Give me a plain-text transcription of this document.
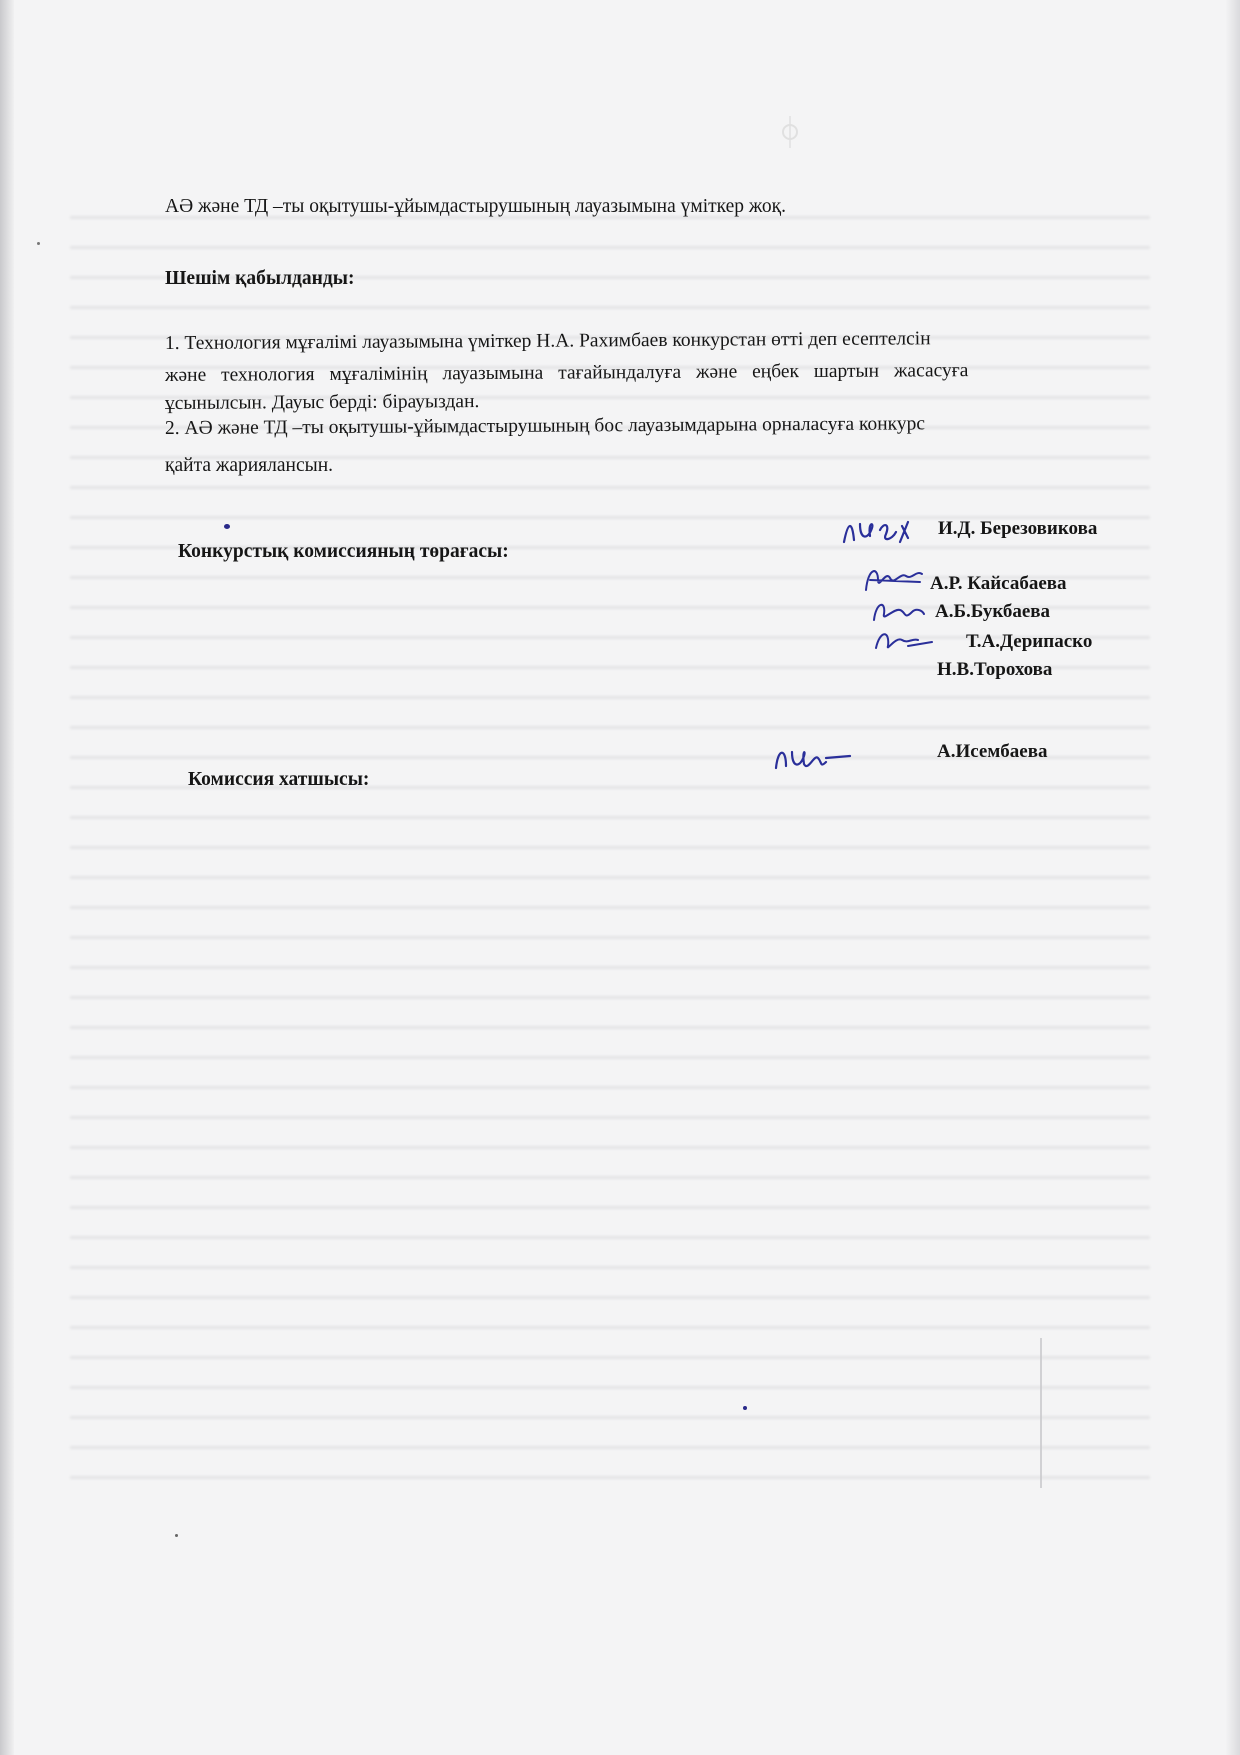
АӘ және ТД –ты оқытушы-ұйымдастырушының лауазымына үміткер жоқ.
Шешім қабылданды:
1. Технология мұғалімі лауазымына үміткер Н.А. Рахимбаев конкурстан өтті деп есептелсін
және технология мұғалімінің лауазымына тағайындалуға және еңбек шартын жасасуға
ұсынылсын. Дауыс берді: бірауыздан.
2. АӘ және ТД –ты оқытушы-ұйымдастырушының бос лауазымдарына орналасуға конкурс
қайта жариялансын.
Конкурстық комиссияның төрағасы:
И.Д. Березовикова
А.Р. Кайсабаева
А.Б.Букбаева
Т.А.Дерипаско
Н.В.Торохова
А.Исембаева
Комиссия хатшысы:
